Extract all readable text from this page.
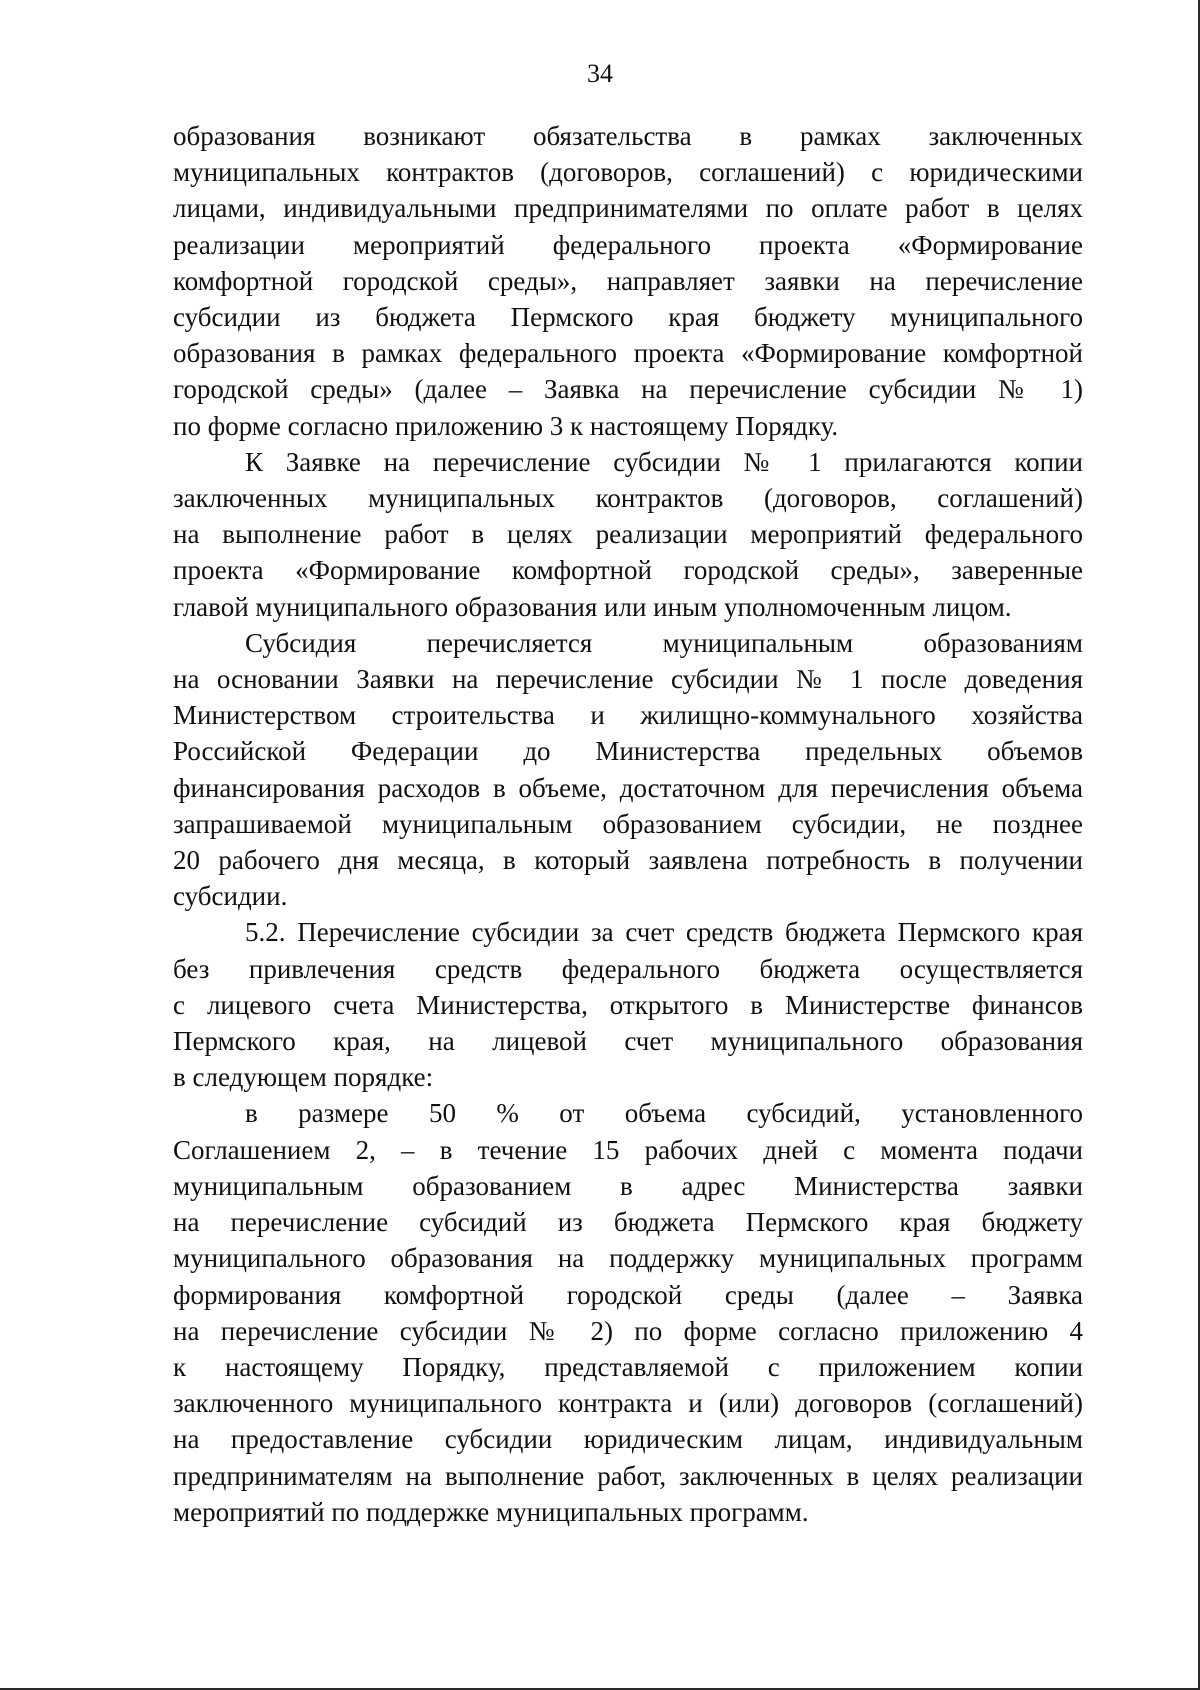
34
образования возникают обязательства в рамках заключенных
муниципальных контрактов (договоров, соглашений) с юридическими
лицами, индивидуальными предпринимателями по оплате работ в целях
реализации мероприятий федерального проекта «Формирование
комфортной городской среды», направляет заявки на перечисление
субсидии из бюджета Пермского края бюджету муниципального
образования в рамках федерального проекта «Формирование комфортной
городской среды» (далее – Заявка на перечисление субсидии № 1)
по форме согласно приложению 3 к настоящему Порядку.
К Заявке на перечисление субсидии № 1 прилагаются копии
заключенных муниципальных контрактов (договоров, соглашений)
на выполнение работ в целях реализации мероприятий федерального
проекта «Формирование комфортной городской среды», заверенные
главой муниципального образования или иным уполномоченным лицом.
Субсидия перечисляется муниципальным образованиям
на основании Заявки на перечисление субсидии № 1 после доведения
Министерством строительства и жилищно-коммунального хозяйства
Российской Федерации до Министерства предельных объемов
финансирования расходов в объеме, достаточном для перечисления объема
запрашиваемой муниципальным образованием субсидии, не позднее
20 рабочего дня месяца, в который заявлена потребность в получении
субсидии.
5.2. Перечисление субсидии за счет средств бюджета Пермского края
без привлечения средств федерального бюджета осуществляется
с лицевого счета Министерства, открытого в Министерстве финансов
Пермского края, на лицевой счет муниципального образования
в следующем порядке:
в размере 50 % от объема субсидий, установленного
Соглашением 2, – в течение 15 рабочих дней с момента подачи
муниципальным образованием в адрес Министерства заявки
на перечисление субсидий из бюджета Пермского края бюджету
муниципального образования на поддержку муниципальных программ
формирования комфортной городской среды (далее – Заявка
на перечисление субсидии № 2) по форме согласно приложению 4
к настоящему Порядку, представляемой с приложением копии
заключенного муниципального контракта и (или) договоров (соглашений)
на предоставление субсидии юридическим лицам, индивидуальным
предпринимателям на выполнение работ, заключенных в целях реализации
мероприятий по поддержке муниципальных программ.
